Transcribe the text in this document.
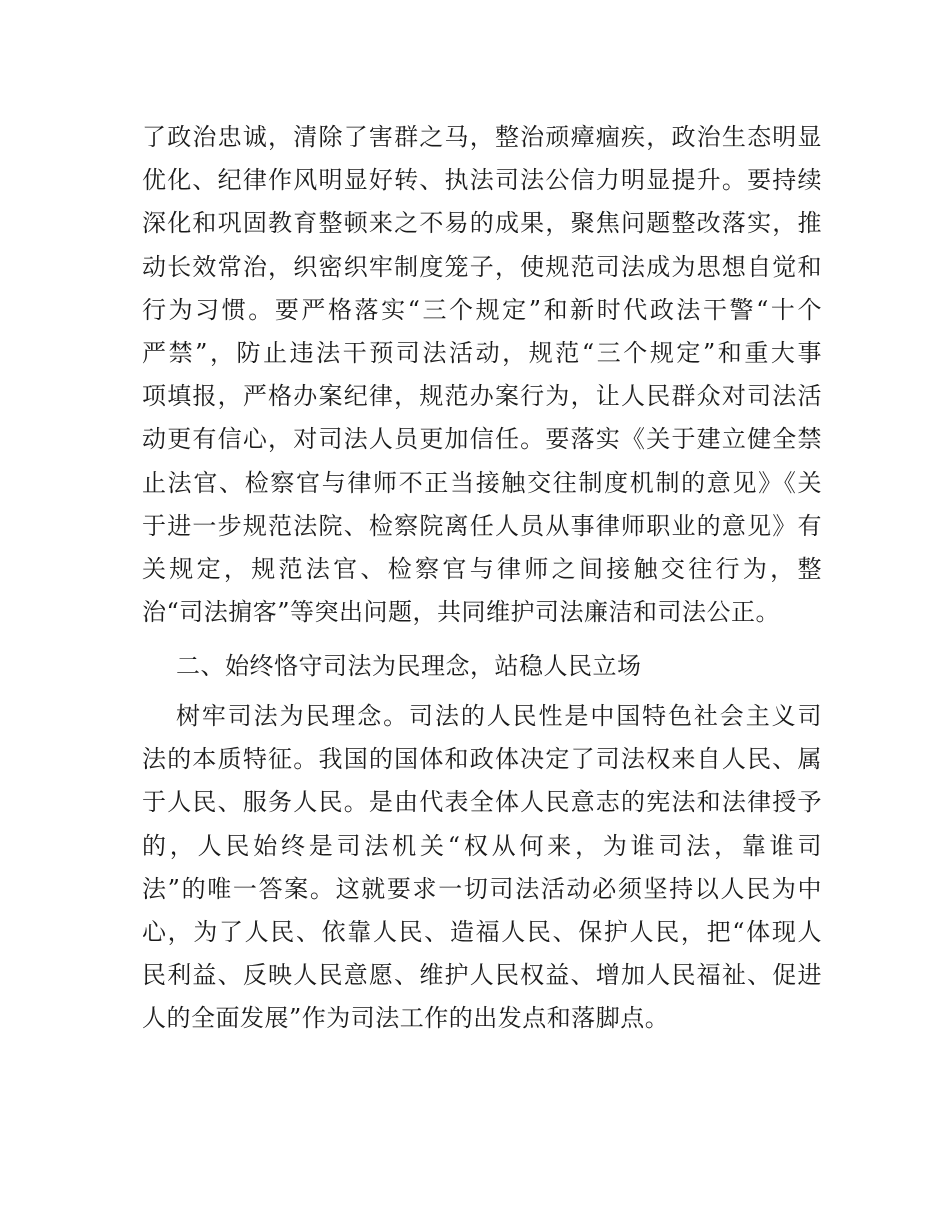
了政治忠诚，清除了害群之马，整治顽瘴痼疾，政治生态明显
优化、纪律作风明显好转、执法司法公信力明显提升。要持续
深化和巩固教育整顿来之不易的成果，聚焦问题整改落实，推
动长效常治，织密织牢制度笼子，使规范司法成为思想自觉和
行为习惯。要严格落实“三个规定”和新时代政法干警“十个
严禁”，防止违法干预司法活动，规范“三个规定”和重大事
项填报，严格办案纪律，规范办案行为，让人民群众对司法活
动更有信心，对司法人员更加信任。要落实《关于建立健全禁
止法官、检察官与律师不正当接触交往制度机制的意见》《关
于进一步规范法院、检察院离任人员从事律师职业的意见》有
关规定，规范法官、检察官与律师之间接触交往行为，整
治“司法掮客”等突出问题，共同维护司法廉洁和司法公正。
二、始终恪守司法为民理念，站稳人民立场
树牢司法为民理念。司法的人民性是中国特色社会主义司
法的本质特征。我国的国体和政体决定了司法权来自人民、属
于人民、服务人民。是由代表全体人民意志的宪法和法律授予
的，人民始终是司法机关“权从何来，为谁司法，靠谁司
法”的唯一答案。这就要求一切司法活动必须坚持以人民为中
心，为了人民、依靠人民、造福人民、保护人民，把“体现人
民利益、反映人民意愿、维护人民权益、增加人民福祉、促进
人的全面发展”作为司法工作的出发点和落脚点。
